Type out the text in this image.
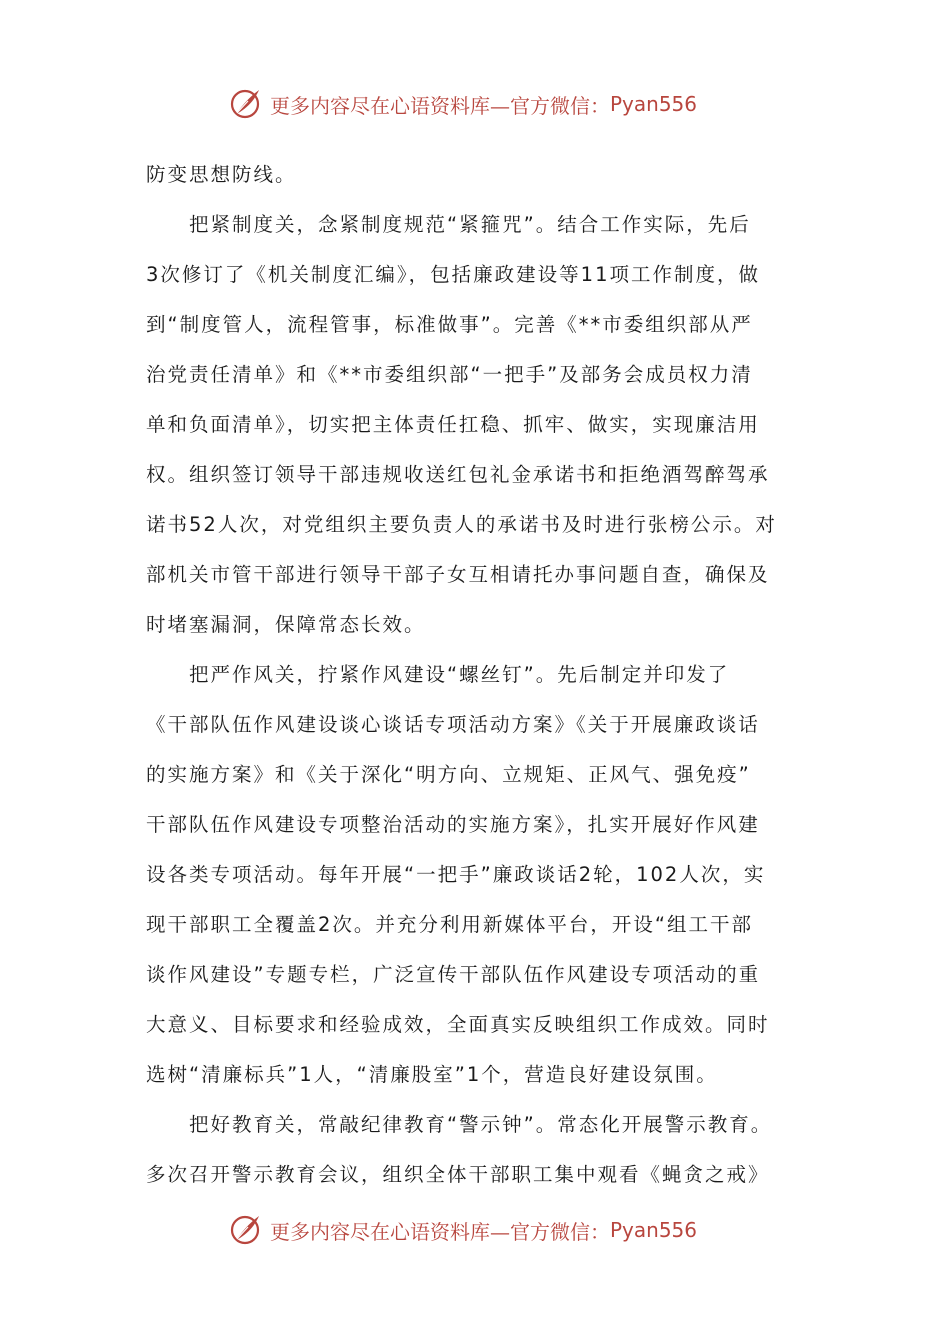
更多内容尽在心语资料库—官方微信： Pyan556
防变思想防线。
把紧制度关，念紧制度规范“紧箍咒”。结合工作实际，先后
3次修订了《机关制度汇编》，包括廉政建设等11项工作制度，做
到“制度管人，流程管事，标准做事”。完善《**市委组织部从严
治党责任清单》和《**市委组织部“一把手”及部务会成员权力清
单和负面清单》，切实把主体责任扛稳、抓牢、做实，实现廉洁用
权。组织签订领导干部违规收送红包礼金承诺书和拒绝酒驾醉驾承
诺书52人次，对党组织主要负责人的承诺书及时进行张榜公示。对
部机关市管干部进行领导干部子女互相请托办事问题自查，确保及
时堵塞漏洞，保障常态长效。
把严作风关，拧紧作风建设“螺丝钉”。先后制定并印发了
《干部队伍作风建设谈心谈话专项活动方案》《关于开展廉政谈话
的实施方案》和《关于深化“明方向、立规矩、正风气、强免疫”
干部队伍作风建设专项整治活动的实施方案》，扎实开展好作风建
设各类专项活动。每年开展“一把手”廉政谈话2轮，102人次，实
现干部职工全覆盖2次。并充分利用新媒体平台，开设“组工干部
谈作风建设”专题专栏，广泛宣传干部队伍作风建设专项活动的重
大意义、目标要求和经验成效，全面真实反映组织工作成效。同时
选树“清廉标兵”1人，“清廉股室”1个，营造良好建设氛围。
把好教育关，常敲纪律教育“警示钟”。常态化开展警示教育。
多次召开警示教育会议，组织全体干部职工集中观看《蝇贪之戒》
更多内容尽在心语资料库—官方微信： Pyan556
